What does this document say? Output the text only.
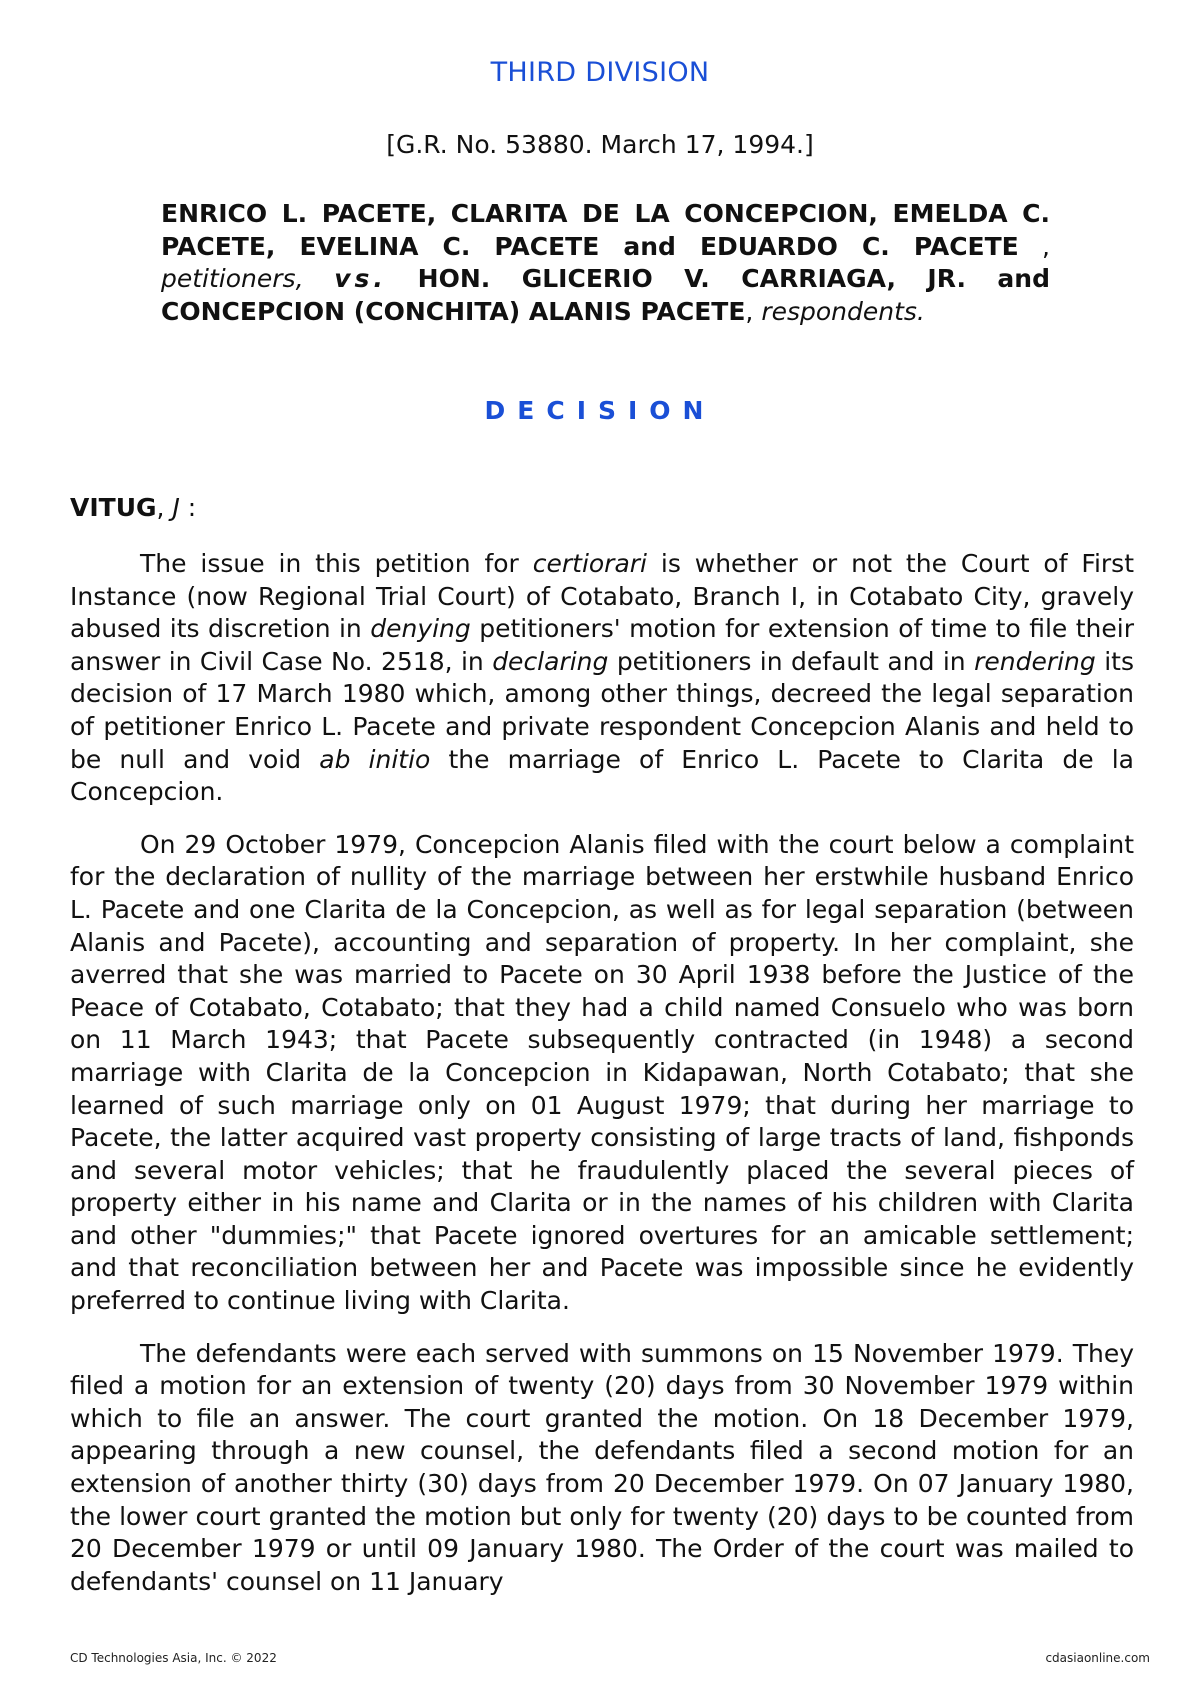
THIRD DIVISION
[G.R. No. 53880. March 17, 1994.]
ENRICO L. PACETE, CLARITA DE LA CONCEPCION, EMELDA C. PACETE, EVELINA C. PACETE and EDUARDO C. PACETE , petitioners, vs. HON. GLICERIO V. CARRIAGA, JR. and CONCEPCION (CONCHITA) ALANIS PACETE, respondents.
DECISION
VITUG, J :

The issue in this petition for certiorari is whether or not the Court of First Instance (now Regional Trial Court) of Cotabato, Branch I, in Cotabato City, gravely abused its discretion in denying petitioners' motion for extension of time to file their answer in Civil Case No. 2518, in declaring petitioners in default and in rendering its decision of 17 March 1980 which, among other things, decreed the legal separation of petitioner Enrico L. Pacete and private respondent Concepcion Alanis and held to be null and void ab initio the marriage of Enrico L. Pacete to Clarita de la Concepcion.

On 29 October 1979, Concepcion Alanis filed with the court below a complaint for the declaration of nullity of the marriage between her erstwhile husband Enrico L. Pacete and one Clarita de la Concepcion, as well as for legal separation (between Alanis and Pacete), accounting and separation of property. In her complaint, she averred that she was married to Pacete on 30 April 1938 before the Justice of the Peace of Cotabato, Cotabato; that they had a child named Consuelo who was born on 11 March 1943; that Pacete subsequently contracted (in 1948) a second marriage with Clarita de la Concepcion in Kidapawan, North Cotabato; that she learned of such marriage only on 01 August 1979; that during her marriage to Pacete, the latter acquired vast property consisting of large tracts of land, fishponds and several motor vehicles; that he fraudulently placed the several pieces of property either in his name and Clarita or in the names of his children with Clarita and other "dummies;" that Pacete ignored overtures for an amicable settlement; and that reconciliation between her and Pacete was impossible since he evidently preferred to continue living with Clarita.

The defendants were each served with summons on 15 November 1979. They filed a motion for an extension of twenty (20) days from 30 November 1979 within which to file an answer. The court granted the motion. On 18 December 1979, appearing through a new counsel, the defendants filed a second motion for an extension of another thirty (30) days from 20 December 1979. On 07 January 1980, the lower court granted the motion but only for twenty (20) days to be counted from 20 December 1979 or until 09 January 1980. The Order of the court was mailed to defendants' counsel on 11 January

CD Technologies Asia, Inc. © 2022	cdasiaonline.com
